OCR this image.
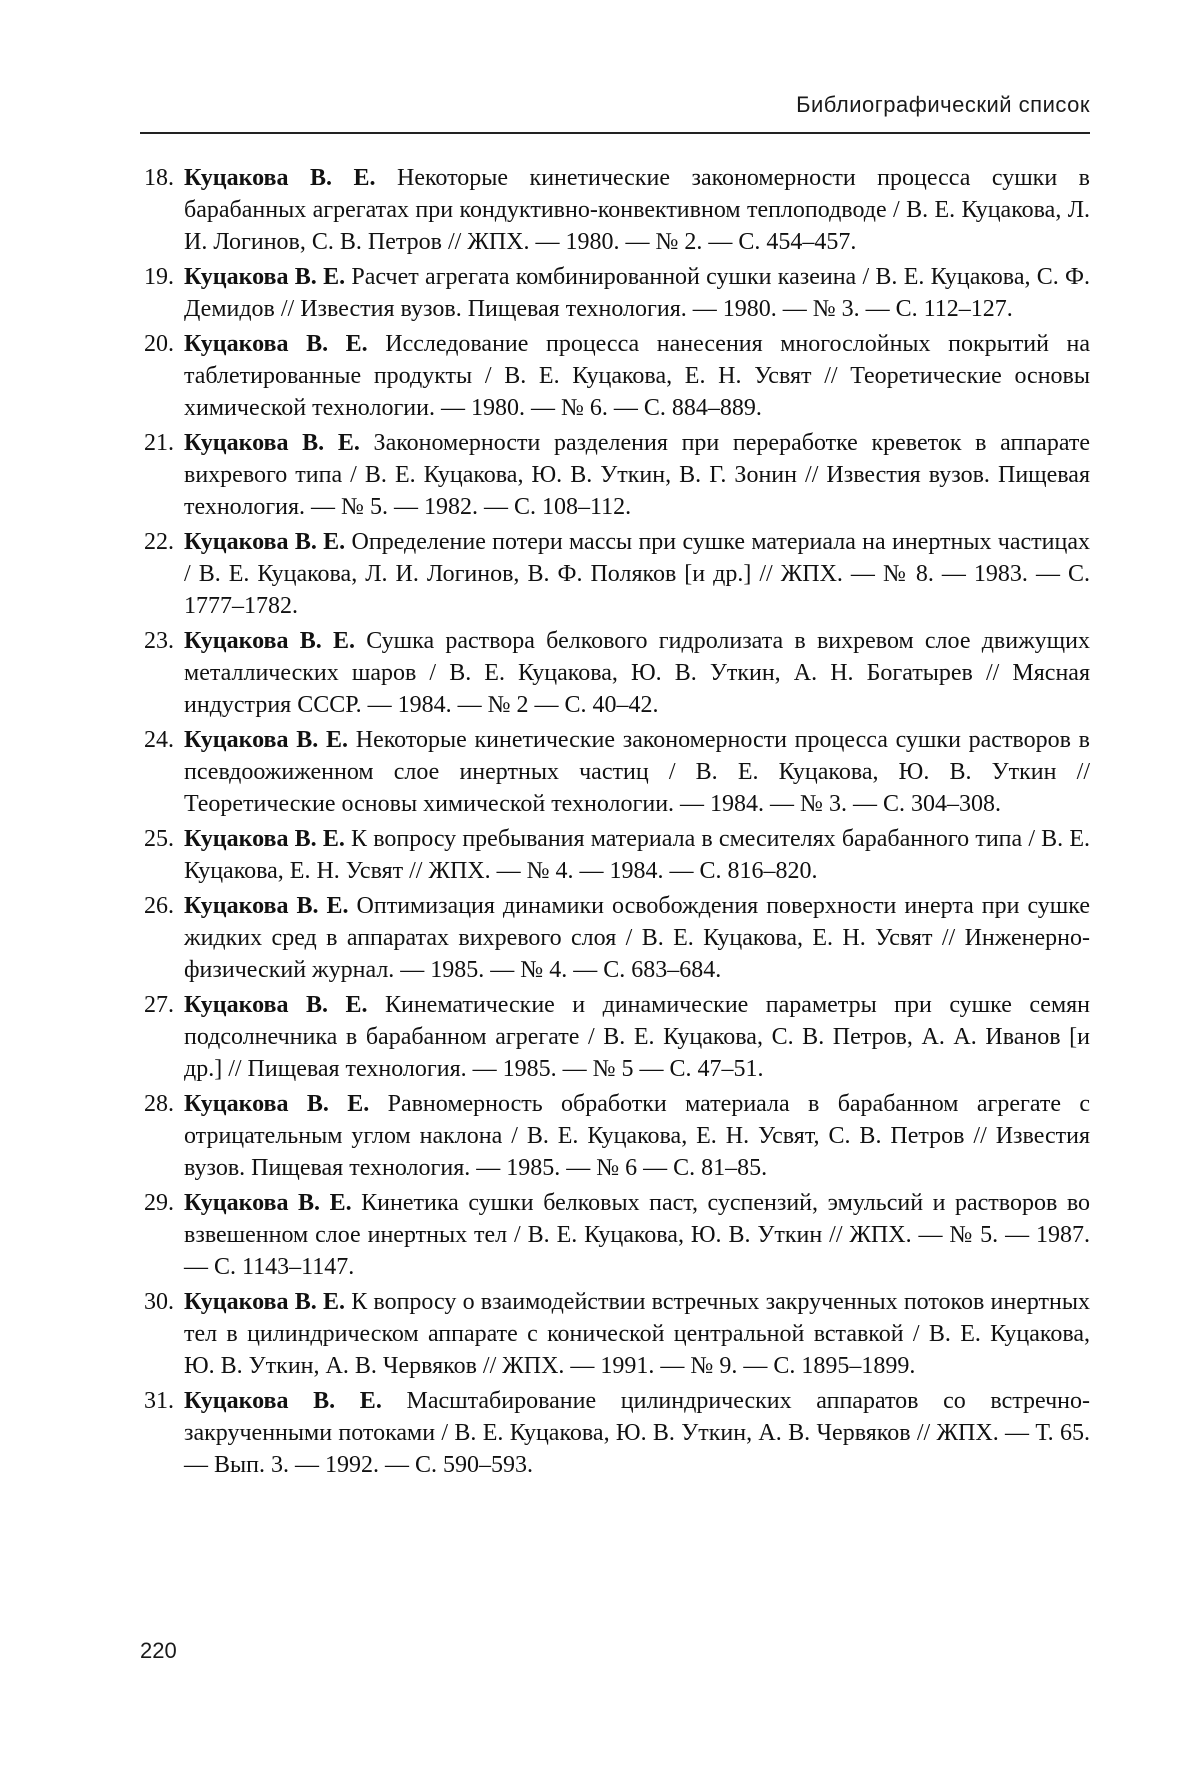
Библиографический список
18. Куцакова В. Е. Некоторые кинетические закономерности процесса сушки в барабанных агрегатах при кондуктивно-конвективном теплоподводе / В. Е. Куцакова, Л. И. Логинов, С. В. Петров // ЖПХ. — 1980. — № 2. — С. 454–457.
19. Куцакова В. Е. Расчет агрегата комбинированной сушки казеина / В. Е. Куцакова, С. Ф. Демидов // Известия вузов. Пищевая технология. — 1980. — № 3. — С. 112–127.
20. Куцакова В. Е. Исследование процесса нанесения многослойных покрытий на таблетированные продукты / В. Е. Куцакова, Е. Н. Усвят // Теоретические основы химической технологии. — 1980. — № 6. — С. 884–889.
21. Куцакова В. Е. Закономерности разделения при переработке креветок в аппарате вихревого типа / В. Е. Куцакова, Ю. В. Уткин, В. Г. Зонин // Известия вузов. Пищевая технология. — № 5. — 1982. — С. 108–112.
22. Куцакова В. Е. Определение потери массы при сушке материала на инертных частицах / В. Е. Куцакова, Л. И. Логинов, В. Ф. Поляков [и др.] // ЖПХ. — № 8. — 1983. — С. 1777–1782.
23. Куцакова В. Е. Сушка раствора белкового гидролизата в вихревом слое движущих металлических шаров / В. Е. Куцакова, Ю. В. Уткин, А. Н. Богатырев // Мясная индустрия СССР. — 1984. — № 2 — С. 40–42.
24. Куцакова В. Е. Некоторые кинетические закономерности процесса сушки растворов в псевдоожиженном слое инертных частиц / В. Е. Куцакова, Ю. В. Уткин // Теоретические основы химической технологии. — 1984. — № 3. — С. 304–308.
25. Куцакова В. Е. К вопросу пребывания материала в смесителях барабанного типа / В. Е. Куцакова, Е. Н. Усвят // ЖПХ. — № 4. — 1984. — С. 816–820.
26. Куцакова В. Е. Оптимизация динамики освобождения поверхности инерта при сушке жидких сред в аппаратах вихревого слоя / В. Е. Куцакова, Е. Н. Усвят // Инженерно-физический журнал. — 1985. — № 4. — С. 683–684.
27. Куцакова В. Е. Кинематические и динамические параметры при сушке семян подсолнечника в барабанном агрегате / В. Е. Куцакова, С. В. Петров, А. А. Иванов [и др.] // Пищевая технология. — 1985. — № 5 — С. 47–51.
28. Куцакова В. Е. Равномерность обработки материала в барабанном агрегате с отрицательным углом наклона / В. Е. Куцакова, Е. Н. Усвят, С. В. Петров // Известия вузов. Пищевая технология. — 1985. — № 6 — С. 81–85.
29. Куцакова В. Е. Кинетика сушки белковых паст, суспензий, эмульсий и растворов во взвешенном слое инертных тел / В. Е. Куцакова, Ю. В. Уткин // ЖПХ. — № 5. — 1987. — С. 1143–1147.
30. Куцакова В. Е. К вопросу о взаимодействии встречных закрученных потоков инертных тел в цилиндрическом аппарате с конической центральной вставкой / В. Е. Куцакова, Ю. В. Уткин, А. В. Червяков // ЖПХ. — 1991. — № 9. — С. 1895–1899.
31. Куцакова В. Е. Масштабирование цилиндрических аппаратов со встречно-закрученными потоками / В. Е. Куцакова, Ю. В. Уткин, А. В. Червяков // ЖПХ. — Т. 65. — Вып. 3. — 1992. — С. 590–593.
220
